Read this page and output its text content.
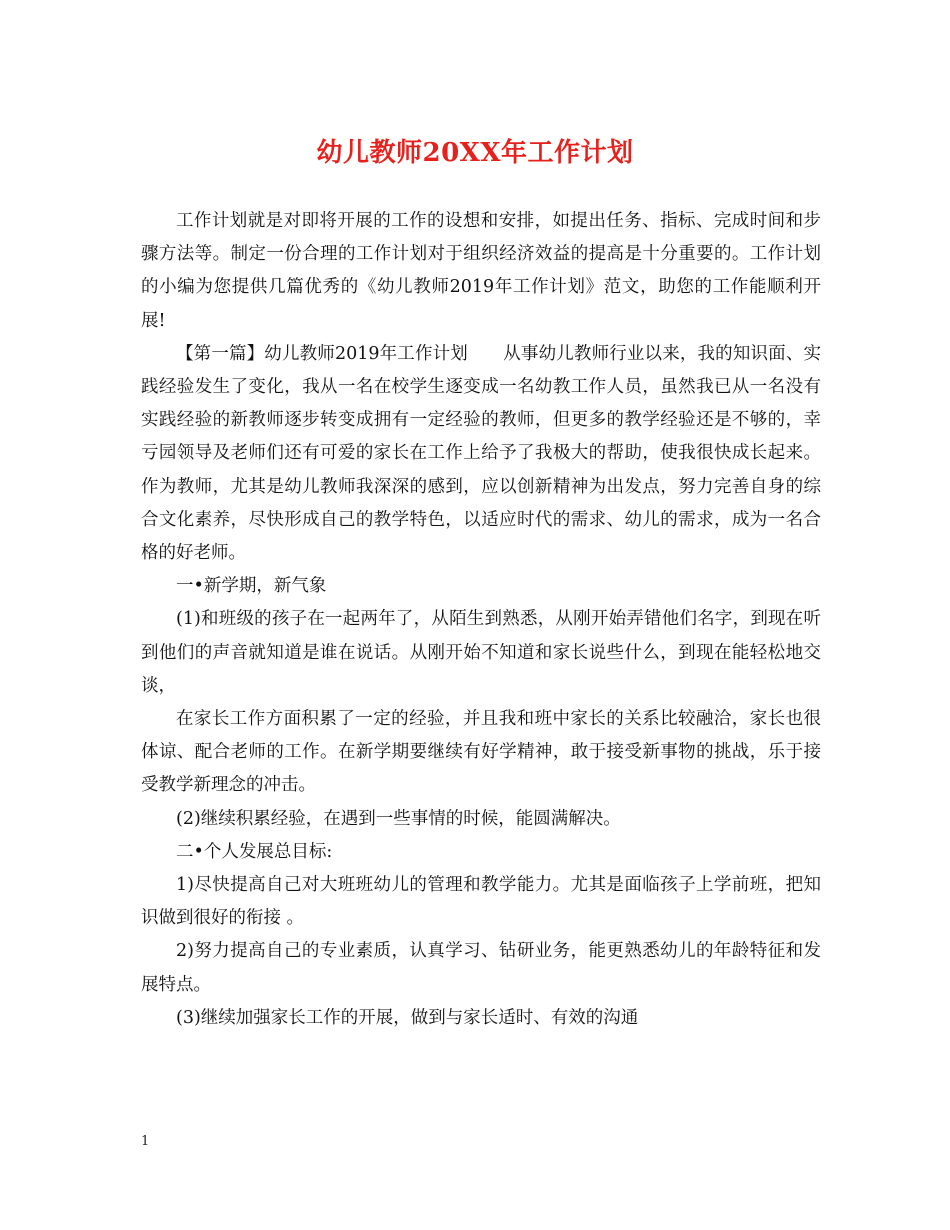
幼儿教师20XX年工作计划

工作计划就是对即将开展的工作的设想和安排，如提出任务、指标、完成时间和步骤方法等。制定一份合理的工作计划对于组织经济效益的提高是十分重要的。工作计划的小编为您提供几篇优秀的《幼儿教师2019年工作计划》范文，助您的工作能顺利开展!

【第一篇】幼儿教师2019年工作计划　　从事幼儿教师行业以来，我的知识面、实践经验发生了变化，我从一名在校学生逐变成一名幼教工作人员，虽然我已从一名没有实践经验的新教师逐步转变成拥有一定经验的教师，但更多的教学经验还是不够的，幸亏园领导及老师们还有可爱的家长在工作上给予了我极大的帮助，使我很快成长起来。作为教师，尤其是幼儿教师我深深的感到，应以创新精神为出发点，努力完善自身的综合文化素养，尽快形成自己的教学特色，以适应时代的需求、幼儿的需求，成为一名合格的好老师。

一•新学期，新气象

(1)和班级的孩子在一起两年了，从陌生到熟悉，从刚开始弄错他们名字，到现在听到他们的声音就知道是谁在说话。从刚开始不知道和家长说些什么，到现在能轻松地交谈，

在家长工作方面积累了一定的经验，并且我和班中家长的关系比较融洽，家长也很体谅、配合老师的工作。在新学期要继续有好学精神，敢于接受新事物的挑战，乐于接受教学新理念的冲击。

(2)继续积累经验，在遇到一些事情的时候，能圆满解决。

二•个人发展总目标:

1)尽快提高自己对大班班幼儿的管理和教学能力。尤其是面临孩子上学前班，把知识做到很好的衔接 。

2)努力提高自己的专业素质，认真学习、钻研业务，能更熟悉幼儿的年龄特征和发展特点。

(3)继续加强家长工作的开展，做到与家长适时、有效的沟通

1
